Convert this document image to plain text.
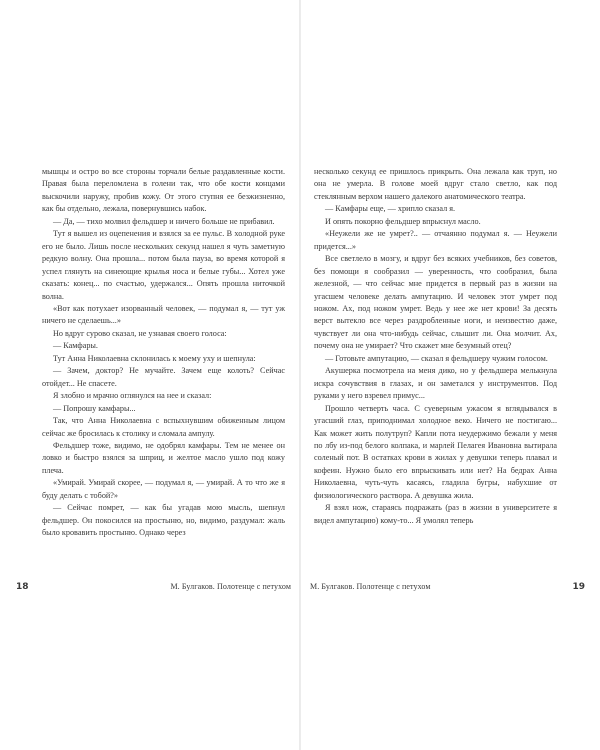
мышцы и остро во все стороны торчали белые раздавленные кости. Правая была переломлена в голени так, что обе кости концами выскочили наружу, пробив кожу. От этого ступня ее безжизненно, как бы отдельно, лежала, повернувшись набок.

— Да, — тихо молвил фельдшер и ничего больше не прибавил.

Тут я вышел из оцепенения и взялся за ее пульс. В холодной руке его не было. Лишь после нескольких секунд нашел я чуть заметную редкую волну. Она прошла... потом была пауза, во время которой я успел глянуть на синеющие крылья носа и белые губы... Хотел уже сказать: конец... по счастью, удержался... Опять прошла ниточкой волна.

«Вот как потухает изорванный человек, — подумал я, — тут уж ничего не сделаешь...»

Но вдруг сурово сказал, не узнавая своего голоса:

— Камфары.

Тут Анна Николаевна склонилась к моему уху и шепнула:

— Зачем, доктор? Не мучайте. Зачем еще колоть? Сейчас отойдет... Не спасете.

Я злобно и мрачно оглянулся на нее и сказал:

— Попрошу камфары...

Так, что Анна Николаевна с вспыхнувшим обиженным лицом сейчас же бросилась к столику и сломала ампулу.

Фельдшер тоже, видимо, не одобрял камфары. Тем не менее он ловко и быстро взялся за шприц, и желтое масло ушло под кожу плеча.

«Умирай. Умирай скорее, — подумал я, — умирай. А то что же я буду делать с тобой?»

— Сейчас помрет, — как бы угадав мою мысль, шепнул фельдшер. Он покосился на простыню, но, видимо, раздумал: жаль было кровавить простыню. Однако через

18	М. Булгаков. Полотенце с петухом

несколько секунд ее пришлось прикрыть. Она лежала как труп, но она не умерла. В голове моей вдруг стало светло, как под стеклянным верхом нашего далекого анатомического театра.

— Камфары еще, — хрипло сказал я.

И опять покорно фельдшер впрыснул масло.

«Неужели же не умрет?.. — отчаянно подумал я. — Неужели придется...»

Все светлело в мозгу, и вдруг без всяких учебников, без советов, без помощи я сообразил — уверенность, что сообразил, была железной, — что сейчас мне придется в первый раз в жизни на угасшем человеке делать ампутацию. И человек этот умрет под ножом. Ах, под ножом умрет. Ведь у нее же нет крови! За десять верст вытекло все через раздробленные ноги, и неизвестно даже, чувствует ли она что-нибудь сейчас, слышит ли. Она молчит. Ах, почему она не умирает? Что скажет мне безумный отец?

— Готовьте ампутацию, — сказал я фельдшеру чужим голосом.

Акушерка посмотрела на меня дико, но у фельдшера мелькнула искра сочувствия в глазах, и он заметался у инструментов. Под руками у него взревел примус...

Прошло четверть часа. С суеверным ужасом я вглядывался в угасший глаз, приподнимал холодное веко. Ничего не постигаю... Как может жить полутруп? Капли пота неудержимо бежали у меня по лбу из-под белого колпака, и марлей Пелагея Ивановна вытирала соленый пот. В остатках крови в жилах у девушки теперь плавал и кофеин. Нужно было его впрыскивать или нет? На бедрах Анна Николаевна, чуть-чуть касаясь, гладила бугры, набухшие от физиологического раствора. А девушка жила.

Я взял нож, стараясь подражать (раз в жизни в университете я видел ампутацию) кому-то... Я умолял теперь

М. Булгаков. Полотенце с петухом	19
